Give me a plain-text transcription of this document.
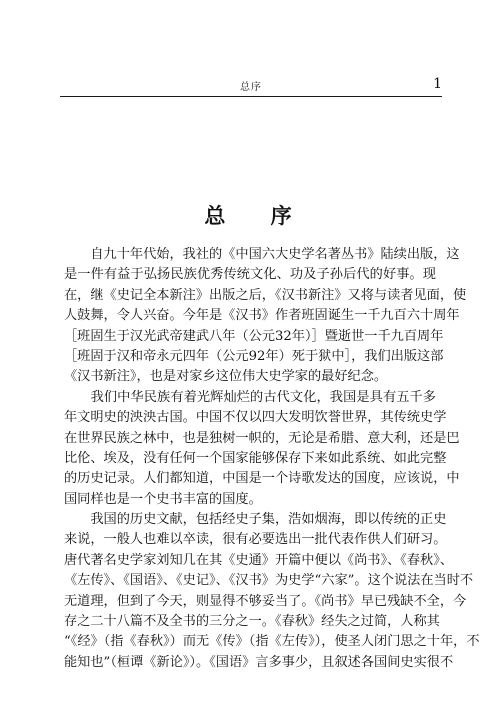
总序	1
总 序
　　自九十年代始，我社的《中国六大史学名著丛书》陆续出版，这
是一件有益于弘扬民族优秀传统文化、功及子孙后代的好事。现
在，继《史记全本新注》出版之后，《汉书新注》又将与读者见面，使
人鼓舞，令人兴奋。今年是《汉书》作者班固诞生一千九百六十周年
［班固生于汉光武帝建武八年（公元32年）］暨逝世一千九百周年
［班固于汉和帝永元四年（公元92年）死于狱中］，我们出版这部
《汉书新注》，也是对家乡这位伟大史学家的最好纪念。
　　我们中华民族有着光辉灿烂的古代文化，我国是具有五千多
年文明史的泱泱古国。中国不仅以四大发明饮誉世界，其传统史学
在世界民族之林中，也是独树一帜的，无论是希腊、意大利，还是巴
比伦、埃及，没有任何一个国家能够保存下来如此系统、如此完整
的历史记录。人们都知道，中国是一个诗歌发达的国度，应该说，中
国同样也是一个史书丰富的国度。
　　我国的历史文献，包括经史子集，浩如烟海，即以传统的正史
来说，一般人也难以卒读，很有必要选出一批代表作供人们研习。
唐代著名史学家刘知几在其《史通》开篇中便以《尚书》、《春秋》、
《左传》、《国语》、《史记》、《汉书》为史学“六家”。这个说法在当时不
无道理，但到了今天，则显得不够妥当了。《尚书》早已残缺不全，今
存之二十八篇不及全书的三分之一。《春秋》经失之过简，人称其
“《经》（指《春秋》）而无《传》（指《左传》），使圣人闭门思之十年，不
能知也”（桓谭《新论》）。《国语》言多事少，且叙述各国间史实很不
